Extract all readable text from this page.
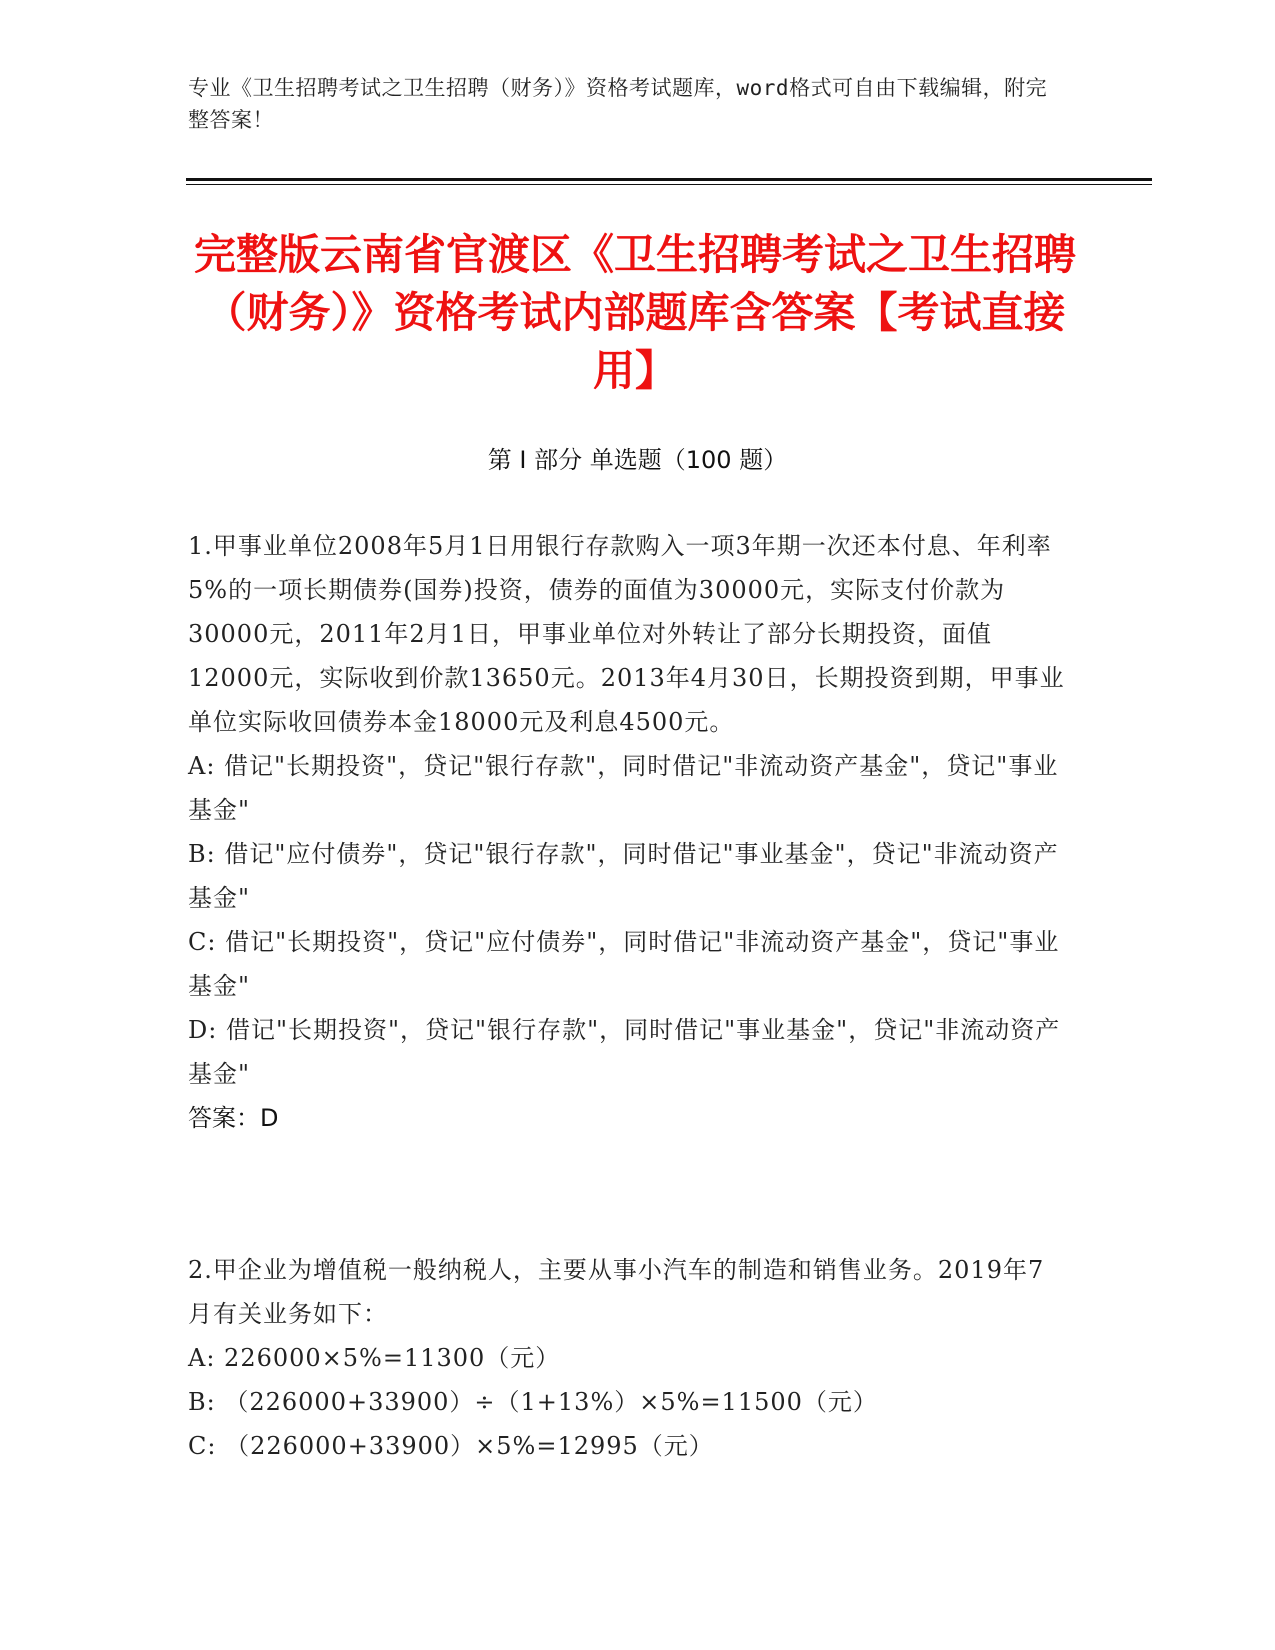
专业《卫生招聘考试之卫生招聘（财务）》资格考试题库，word格式可自由下载编辑，附完整答案！
完整版云南省官渡区《卫生招聘考试之卫生招聘（财务）》资格考试内部题库含答案【考试直接用】
第 I 部分 单选题（100 题）

1.甲事业单位2008年5月1日用银行存款购入一项3年期一次还本付息、年利率5%的一项长期债券(国券)投资，债券的面值为30000元，实际支付价款为30000元，2011年2月1日，甲事业单位对外转让了部分长期投资，面值12000元，实际收到价款13650元。2013年4月30日，长期投资到期，甲事业单位实际收回债券本金18000元及利息4500元。

A: 借记"长期投资"，贷记"银行存款"，同时借记"非流动资产基金"，贷记"事业基金"

B: 借记"应付债券"，贷记"银行存款"，同时借记"事业基金"，贷记"非流动资产基金"

C: 借记"长期投资"，贷记"应付债券"，同时借记"非流动资产基金"，贷记"事业基金"

D: 借记"长期投资"，贷记"银行存款"，同时借记"事业基金"，贷记"非流动资产基金"

答案：D

2.甲企业为增值税一般纳税人，主要从事小汽车的制造和销售业务。2019年7月有关业务如下：

A: 226000×5%=11300（元）

B: （226000+33900）÷（1+13%）×5%=11500（元）

C: （226000+33900）×5%=12995（元）
